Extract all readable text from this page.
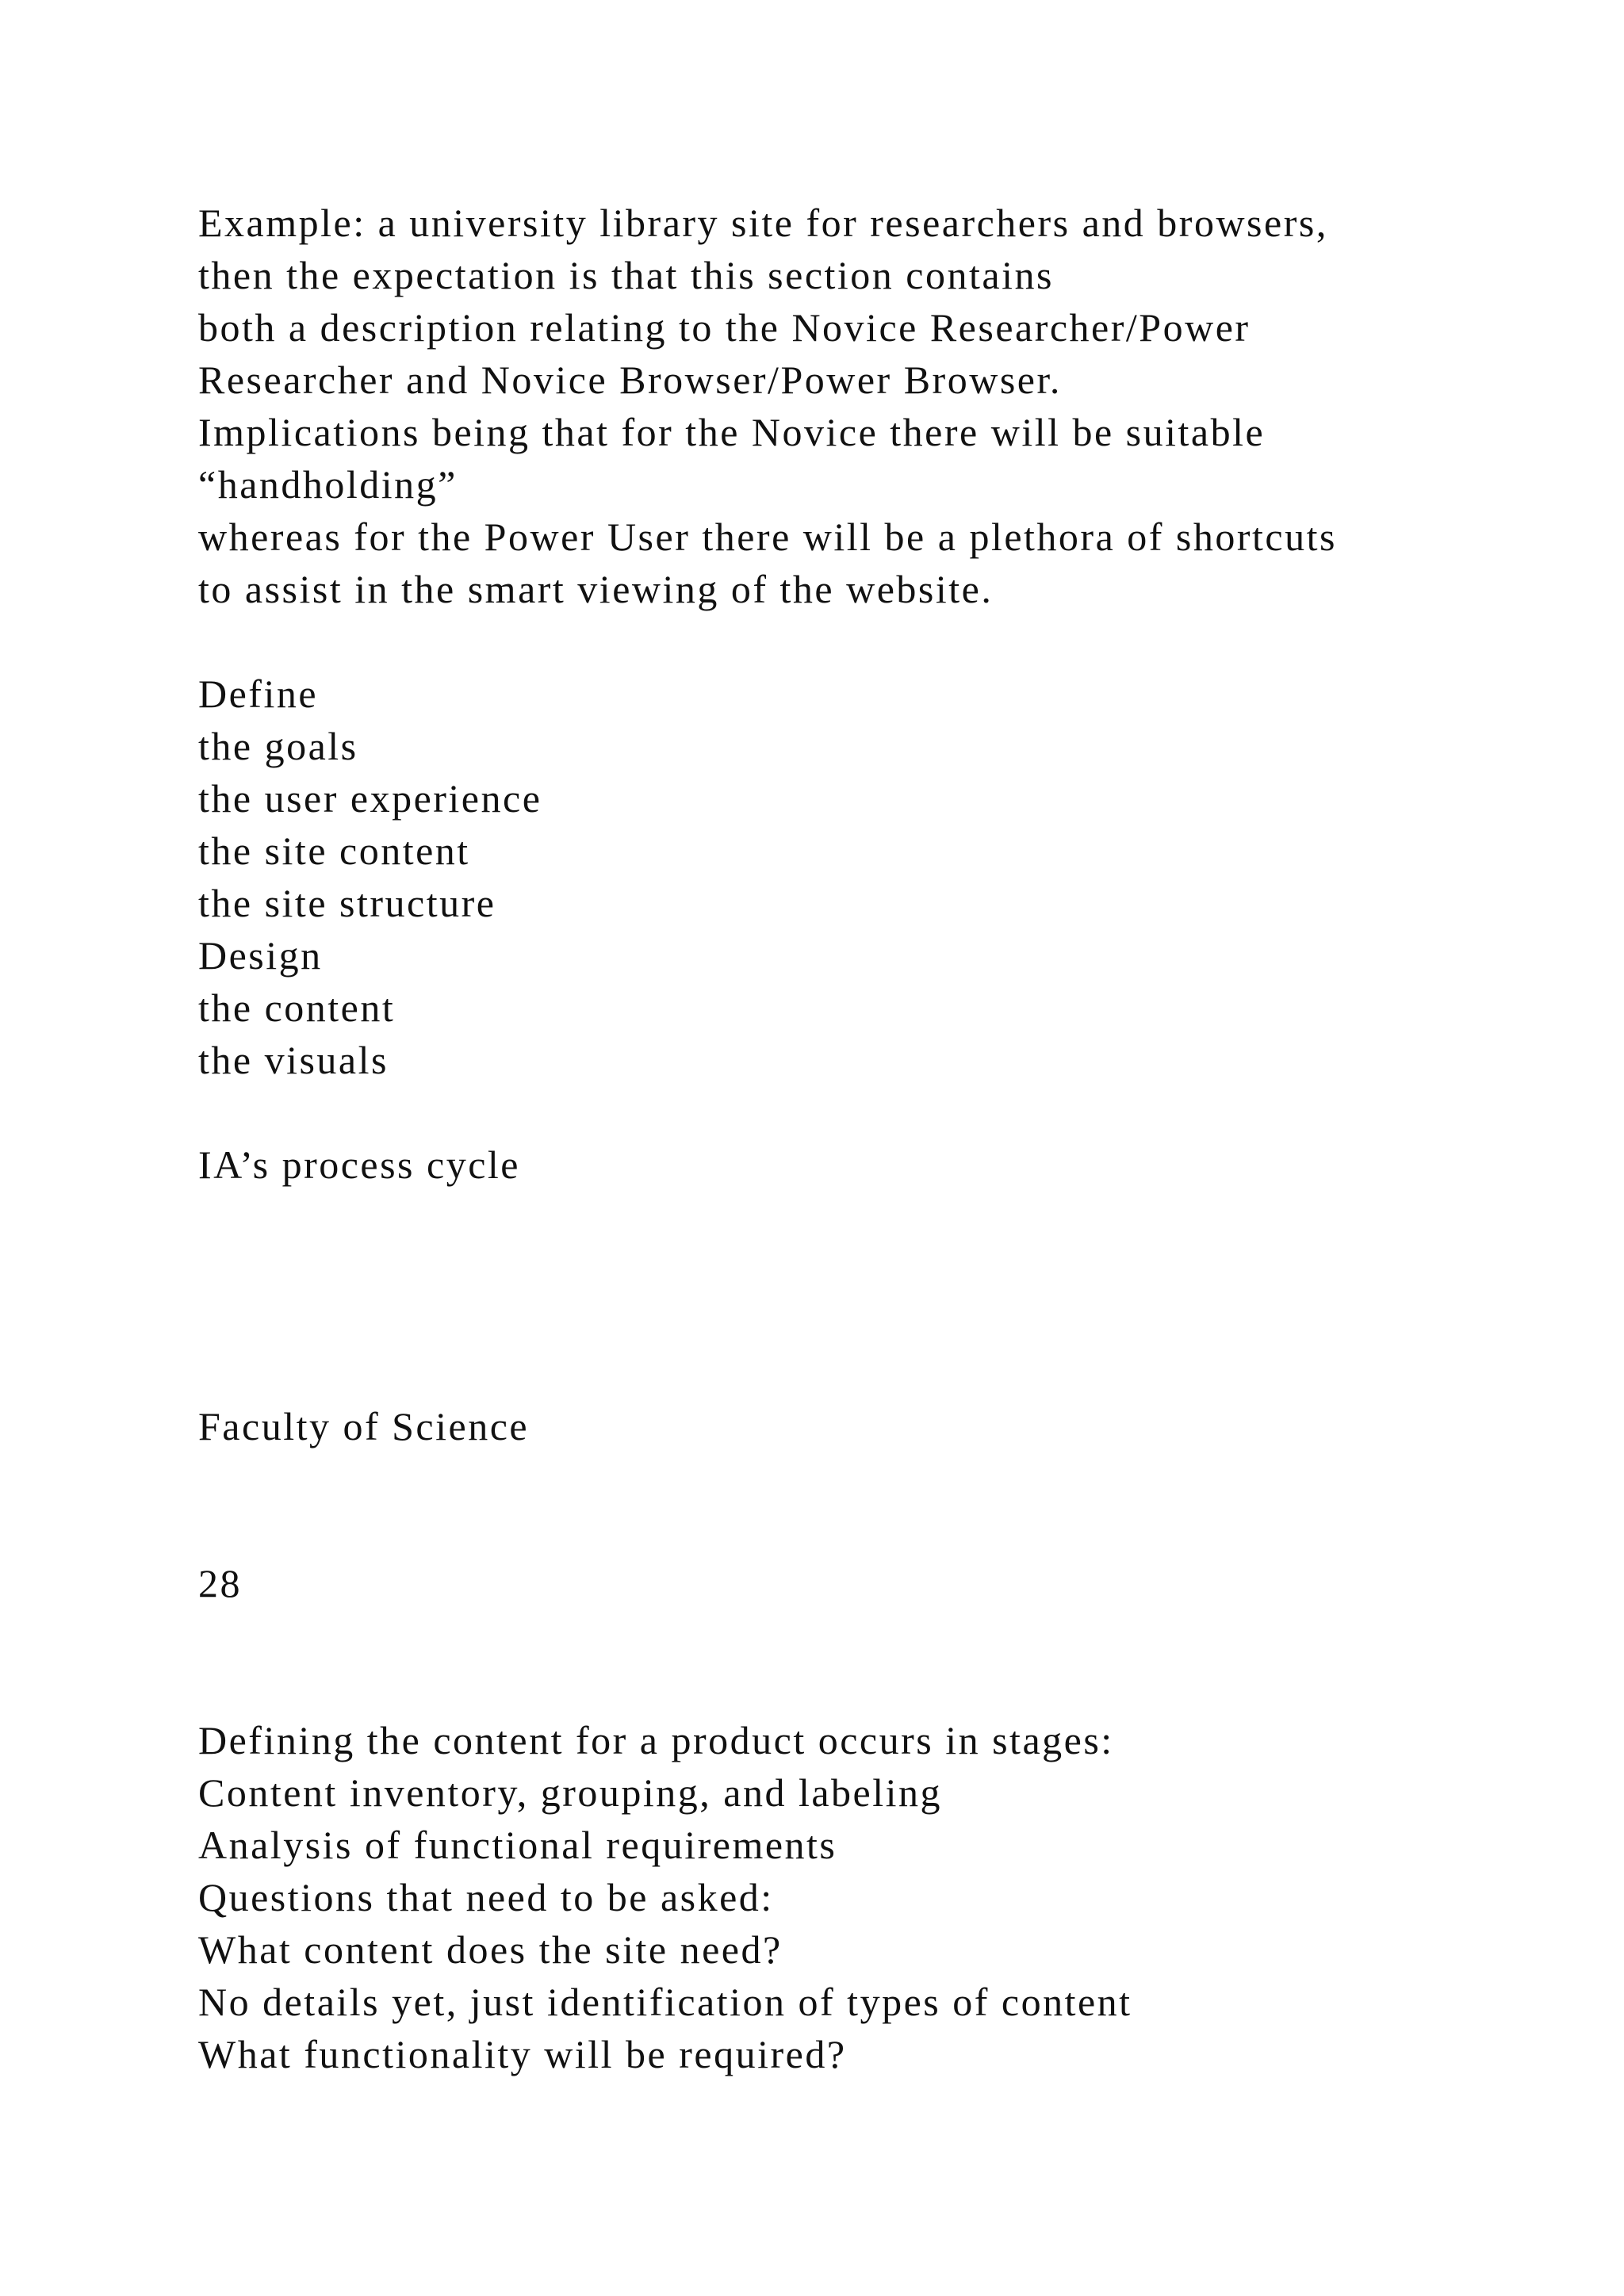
Example: a university library site for researchers and browsers,

then the expectation is that this section contains

both a description relating to the Novice Researcher/Power

Researcher and Novice Browser/Power Browser.

Implications being that for the Novice there will be suitable

“handholding”

whereas for the Power User there will be a plethora of shortcuts

to assist in the smart viewing of the website.

Define

the goals

the user experience

the site content

the site structure

Design

the content

the visuals

IA’s process cycle

Faculty of Science

28

Defining the content for a product occurs in stages:

Content inventory, grouping, and labeling

Analysis of functional requirements

Questions that need to be asked:

What content does the site need?

No details yet, just identification of types of content

What functionality will be required?
